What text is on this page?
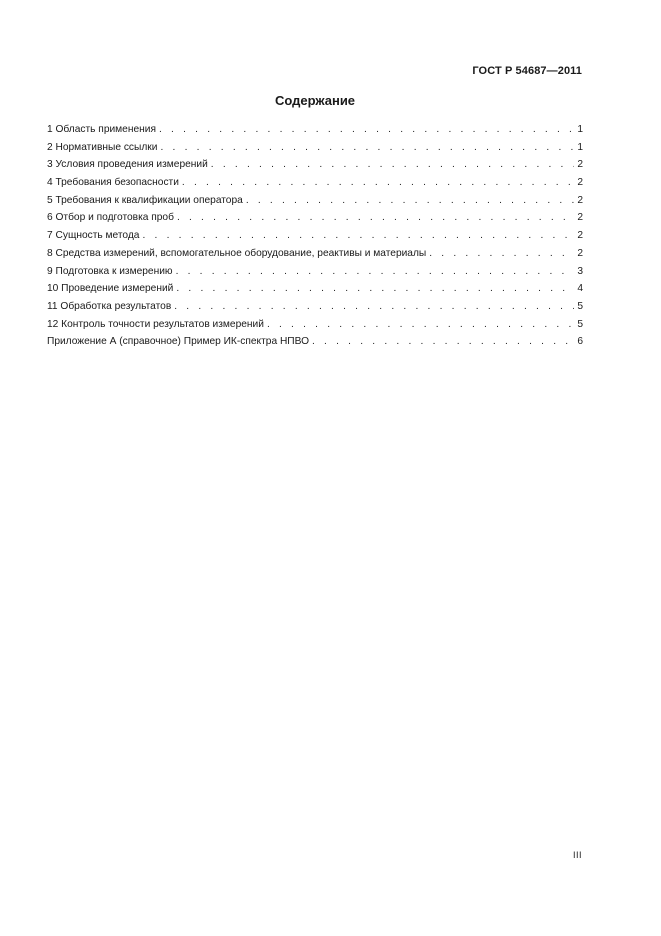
ГОСТ Р 54687—2011
Содержание
1 Область применения . . .	1
2 Нормативные ссылки . . .	1
3 Условия проведения измерений . . .	2
4 Требования безопасности . . .	2
5 Требования к квалификации оператора . . .	2
6 Отбор и подготовка проб . . .	2
7 Сущность метода . . .	2
8 Средства измерений, вспомогательное оборудование, реактивы и материалы . . .	2
9 Подготовка к измерению . . .	3
10 Проведение измерений . . .	4
11 Обработка результатов . . .	5
12 Контроль точности результатов измерений . . .	5
Приложение А (справочное) Пример ИК-спектра НПВО . . .	6
III
